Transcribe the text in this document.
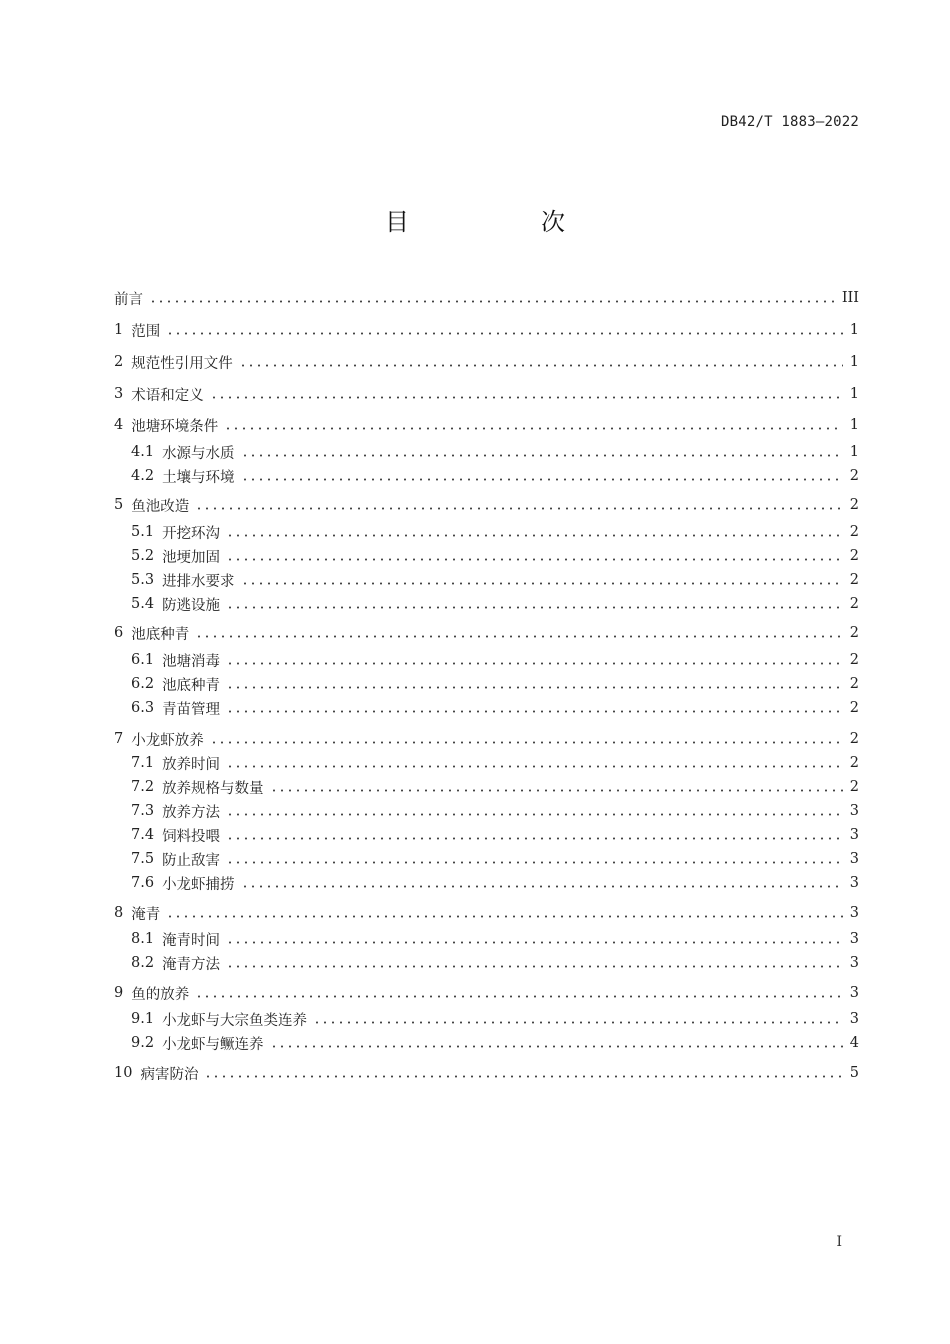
DB42/T 1883—2022
目　次
前言	III
1 范围	1
2 规范性引用文件	1
3 术语和定义	1
4 池塘环境条件	1
4.1 水源与水质	1
4.2 土壤与环境	2
5 鱼池改造	2
5.1 开挖环沟	2
5.2 池埂加固	2
5.3 进排水要求	2
5.4 防逃设施	2
6 池底种青	2
6.1 池塘消毒	2
6.2 池底种青	2
6.3 青苗管理	2
7 小龙虾放养	2
7.1 放养时间	2
7.2 放养规格与数量	2
7.3 放养方法	3
7.4 饲料投喂	3
7.5 防止敌害	3
7.6 小龙虾捕捞	3
8 淹青	3
8.1 淹青时间	3
8.2 淹青方法	3
9 鱼的放养	3
9.1 小龙虾与大宗鱼类连养	3
9.2 小龙虾与鳜连养	4
10 病害防治	5
I
